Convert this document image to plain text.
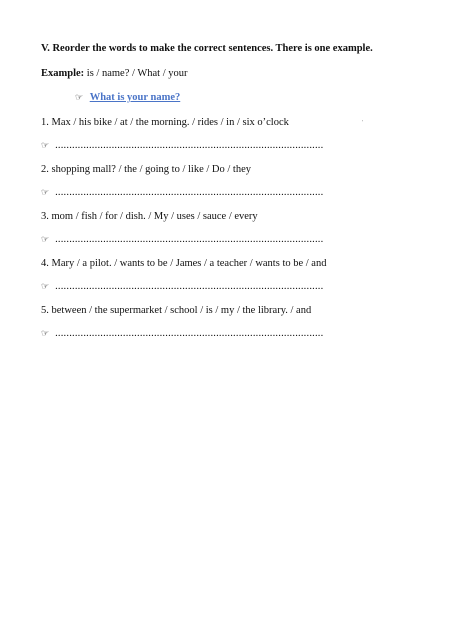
V. Reorder the words to make the correct sentences. There is one example.
Example: is / name? / What / your
☞ What is your name?
'
1. Max / his bike / at / the morning. / rides / in / six o’clock
☞ ...............................................................................................
2. shopping mall? / the / going to / like / Do / they
☞ ...............................................................................................
3. mom / fish / for / dish. / My / uses / sauce / every
☞ ...............................................................................................
4. Mary / a pilot. / wants to be / James / a teacher / wants to be / and
☞ ...............................................................................................
5. between / the supermarket / school / is / my / the library. / and
☞ ...............................................................................................
